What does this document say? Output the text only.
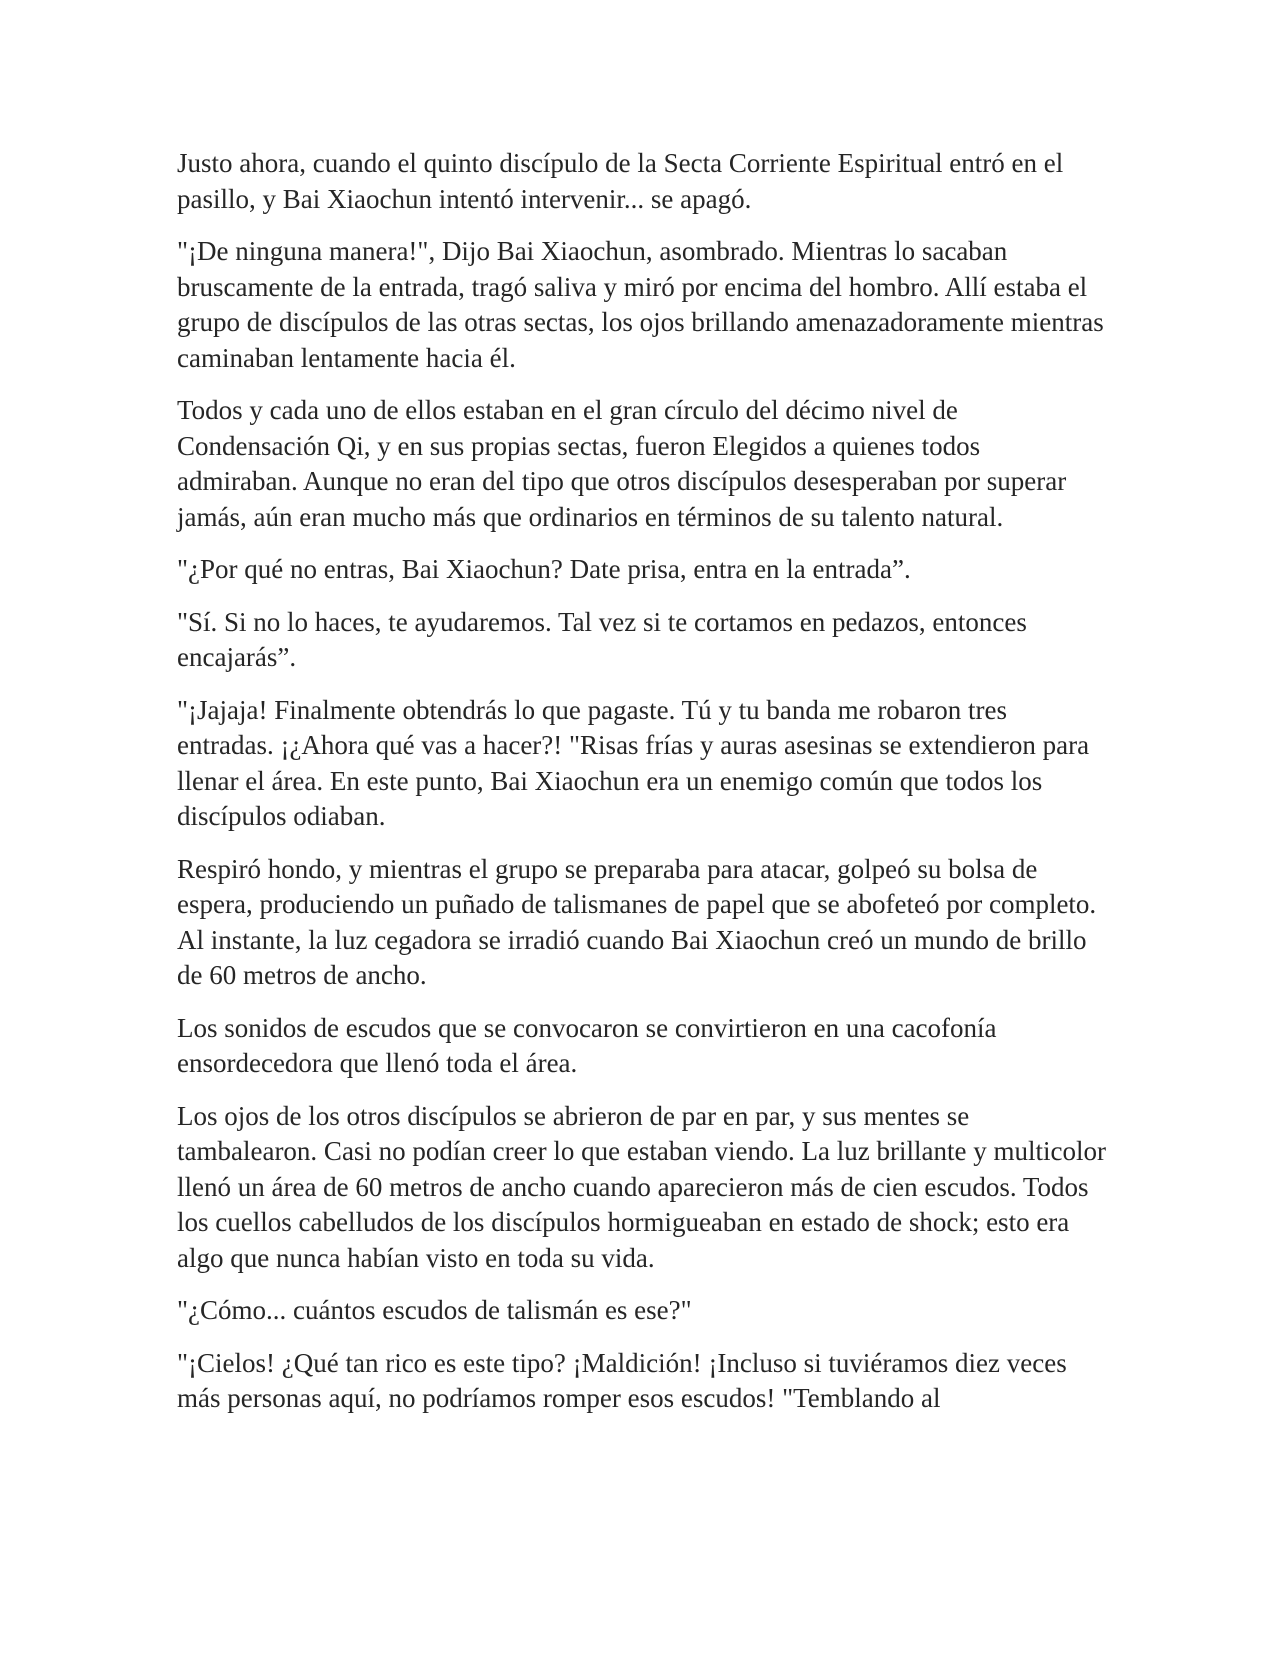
Justo ahora, cuando el quinto discípulo de la Secta Corriente Espiritual entró en el pasillo, y Bai Xiaochun intentó intervenir... se apagó.

"¡De ninguna manera!", Dijo Bai Xiaochun, asombrado. Mientras lo sacaban bruscamente de la entrada, tragó saliva y miró por encima del hombro. Allí estaba el grupo de discípulos de las otras sectas, los ojos brillando amenazadoramente mientras caminaban lentamente hacia él.

Todos y cada uno de ellos estaban en el gran círculo del décimo nivel de Condensación Qi, y en sus propias sectas, fueron Elegidos a quienes todos admiraban. Aunque no eran del tipo que otros discípulos desesperaban por superar jamás, aún eran mucho más que ordinarios en términos de su talento natural.

"¿Por qué no entras, Bai Xiaochun? Date prisa, entra en la entrada”.

"Sí. Si no lo haces, te ayudaremos. Tal vez si te cortamos en pedazos, entonces encajarás”.

"¡Jajaja! Finalmente obtendrás lo que pagaste. Tú y tu banda me robaron tres entradas. ¡¿Ahora qué vas a hacer?! "Risas frías y auras asesinas se extendieron para llenar el área. En este punto, Bai Xiaochun era un enemigo común que todos los discípulos odiaban.

Respiró hondo, y mientras el grupo se preparaba para atacar, golpeó su bolsa de espera, produciendo un puñado de talismanes de papel que se abofeteó por completo. Al instante, la luz cegadora se irradió cuando Bai Xiaochun creó un mundo de brillo de 60 metros de ancho.

Los sonidos de escudos que se convocaron se convirtieron en una cacofonía ensordecedora que llenó toda el área.

Los ojos de los otros discípulos se abrieron de par en par, y sus mentes se tambalearon. Casi no podían creer lo que estaban viendo. La luz brillante y multicolor llenó un área de 60 metros de ancho cuando aparecieron más de cien escudos. Todos los cuellos cabelludos de los discípulos hormigueaban en estado de shock; esto era algo que nunca habían visto en toda su vida.

"¿Cómo... cuántos escudos de talismán es ese?"

"¡Cielos! ¿Qué tan rico es este tipo? ¡Maldición! ¡Incluso si tuviéramos diez veces más personas aquí, no podríamos romper esos escudos! "Temblando al
